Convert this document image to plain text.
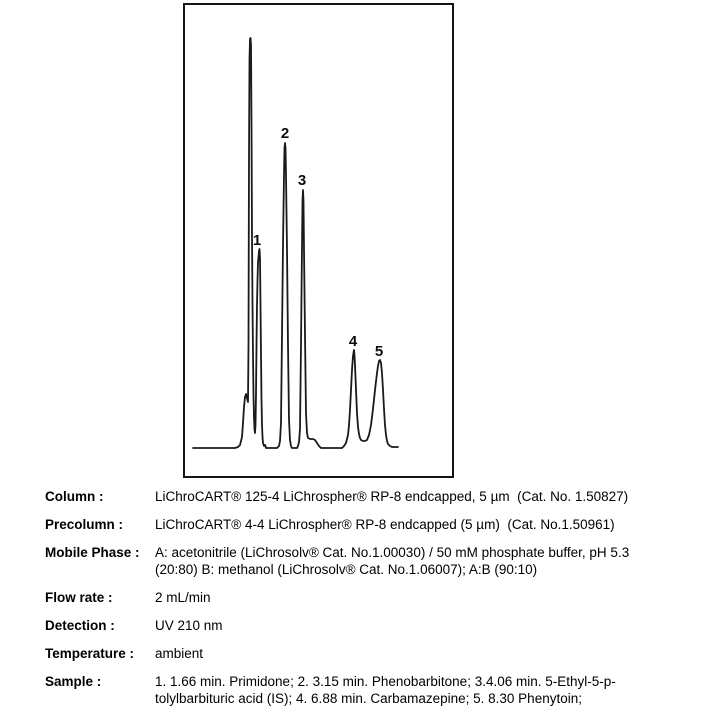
1
2
3
4
5
Column :	LiChroCART® 125-4 LiChrospher® RP-8 endcapped, 5 µm  (Cat. No. 1.50827)
Precolumn :	LiChroCART® 4-4 LiChrospher® RP-8 endcapped (5 µm)  (Cat. No.1.50961)
Mobile Phase :	A: acetonitrile (LiChrosolv® Cat. No.1.00030) / 50 mM phosphate buffer, pH 5.3
(20:80) B: methanol (LiChrosolv® Cat. No.1.06007); A:B (90:10)
Flow rate :	2 mL/min
Detection :	UV 210 nm
Temperature :	ambient
Sample :	1. 1.66 min. Primidone; 2. 3.15 min. Phenobarbitone; 3.4.06 min. 5-Ethyl-5-p-
tolylbarbituric acid (IS); 4. 6.88 min. Carbamazepine; 5. 8.30 Phenytoin;
